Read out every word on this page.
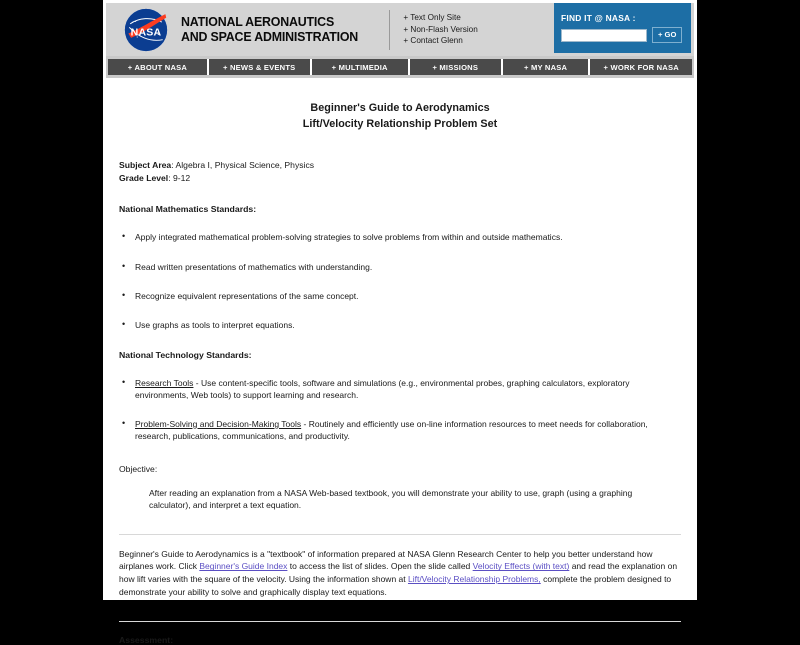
NASA
NATIONAL AERONAUTICS
AND SPACE ADMINISTRATION
+ Text Only Site
+ Non-Flash Version
+ Contact Glenn
FIND IT @ NASA :
+ GO
+ ABOUT NASA	+ NEWS & EVENTS	+ MULTIMEDIA	+ MISSIONS	+ MY NASA	+ WORK FOR NASA
Beginner's Guide to Aerodynamics
Lift/Velocity Relationship Problem Set
Subject Area: Algebra I, Physical Science, Physics
Grade Level: 9-12
National Mathematics Standards:
• Apply integrated mathematical problem-solving strategies to solve problems from within and outside mathematics.
• Read written presentations of mathematics with understanding.
• Recognize equivalent representations of the same concept.
• Use graphs as tools to interpret equations.
National Technology Standards:
• Research Tools - Use content-specific tools, software and simulations (e.g., environmental probes, graphing calculators, exploratory environments, Web tools) to support learning and research.
• Problem-Solving and Decision-Making Tools - Routinely and efficiently use on-line information resources to meet needs for collaboration, research, publications, communications, and productivity.
Objective:
After reading an explanation from a NASA Web-based textbook, you will demonstrate your ability to use, graph (using a graphing calculator), and interpret a text equation.
Beginner's Guide to Aerodynamics is a "textbook" of information prepared at NASA Glenn Research Center to help you better understand how airplanes work. Click Beginner's Guide Index to access the list of slides. Open the slide called Velocity Effects (with text) and read the explanation on how lift varies with the square of the velocity. Using the information shown at Lift/Velocity Relationship Problems, complete the problem designed to demonstrate your ability to solve and graphically display text equations.
Assessment:
